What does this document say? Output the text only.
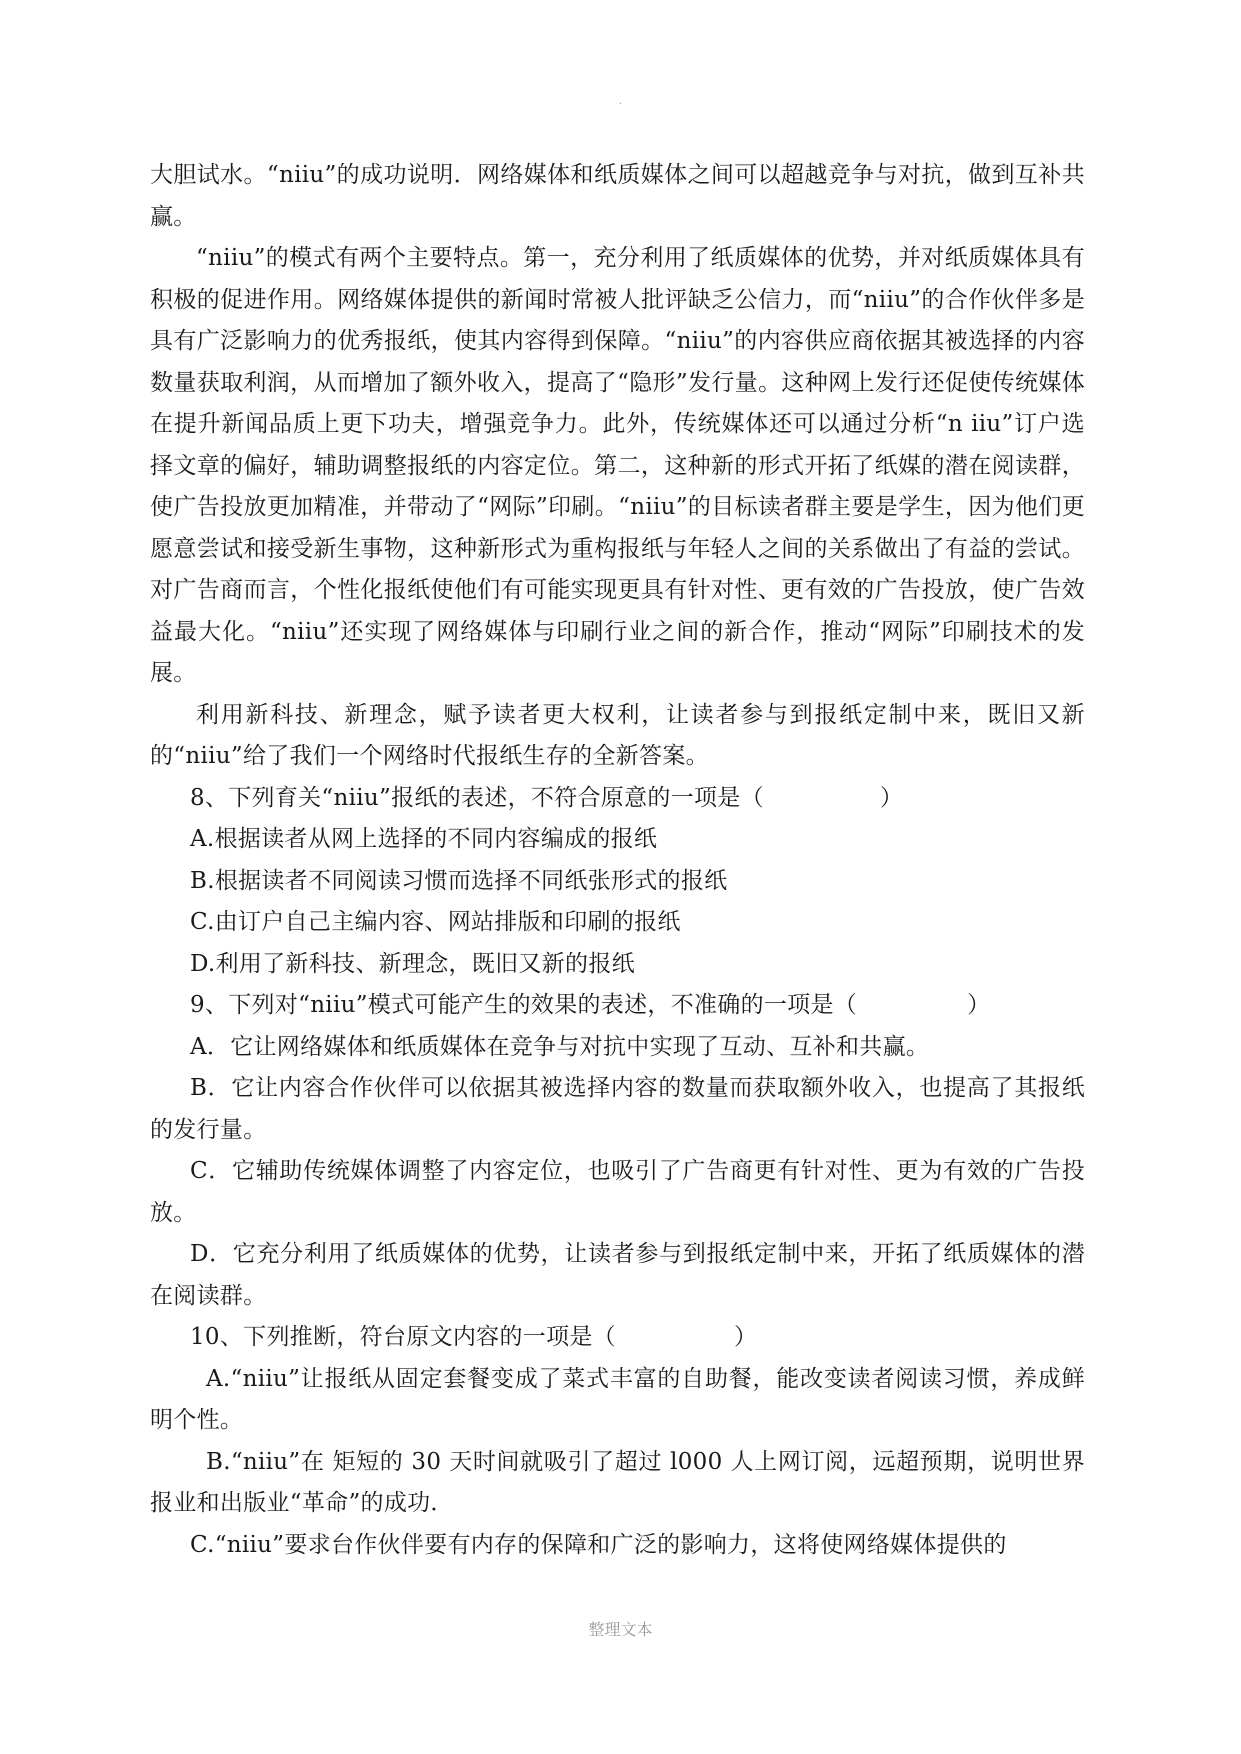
·

大胆试水。“niiu”的成功说明．网络媒体和纸质媒体之间可以超越竞争与对抗，做到互补共赢。

“niiu”的模式有两个主要特点。第一，充分利用了纸质媒体的优势，并对纸质媒体具有积极的促进作用。网络媒体提供的新闻时常被人批评缺乏公信力，而“niiu”的合作伙伴多是具有广泛影响力的优秀报纸，使其内容得到保障。“niiu”的内容供应商依据其被选择的内容数量获取利润，从而增加了额外收入，提高了“隐形”发行量。这种网上发行还促使传统媒体在提升新闻品质上更下功夫，增强竞争力。此外，传统媒体还可以通过分析“n iiu”订户选择文章的偏好，辅助调整报纸的内容定位。第二，这种新的形式开拓了纸媒的潜在阅读群，使广告投放更加精准，并带动了“网际”印刷。“niiu”的目标读者群主要是学生，因为他们更愿意尝试和接受新生事物，这种新形式为重构报纸与年轻人之间的关系做出了有益的尝试。对广告商而言，个性化报纸使他们有可能实现更具有针对性、更有效的广告投放，使广告效益最大化。“niiu”还实现了网络媒体与印刷行业之间的新合作，推动“网际”印刷技术的发展。

利用新科技、新理念，赋予读者更大权利，让读者参与到报纸定制中来，既旧又新的“niiu”给了我们一个网络时代报纸生存的全新答案。

8、下列育关“niiu”报纸的表述，不符合原意的一项是（	）

A.根据读者从网上选择的不同内容编成的报纸

B.根据读者不同阅读习惯而选择不同纸张形式的报纸

C.由订户自己主编内容、网站排版和印刷的报纸

D.利用了新科技、新理念，既旧又新的报纸

9、下列对“niiu”模式可能产生的效果的表述，不准确的一项是（	）

A．它让网络媒体和纸质媒体在竞争与对抗中实现了互动、互补和共赢。

B．它让内容合作伙伴可以依据其被选择内容的数量而获取额外收入，也提高了其报纸的发行量。

C．它辅助传统媒体调整了内容定位，也吸引了广告商更有针对性、更为有效的广告投放。

D．它充分利用了纸质媒体的优势，让读者参与到报纸定制中来，开拓了纸质媒体的潜在阅读群。

10、下列推断，符台原文内容的一项是（	）

A.“niiu”让报纸从固定套餐变成了菜式丰富的自助餐，能改变读者阅读习惯，养成鲜明个性。

B.“niiu”在 矩短的 30 天时间就吸引了超过 l000 人上网订阅，远超预期，说明世界报业和出版业“革命”的成功．

C.“niiu”要求台作伙伴要有内存的保障和广泛的影响力，这将使网络媒体提供的

整理文本
